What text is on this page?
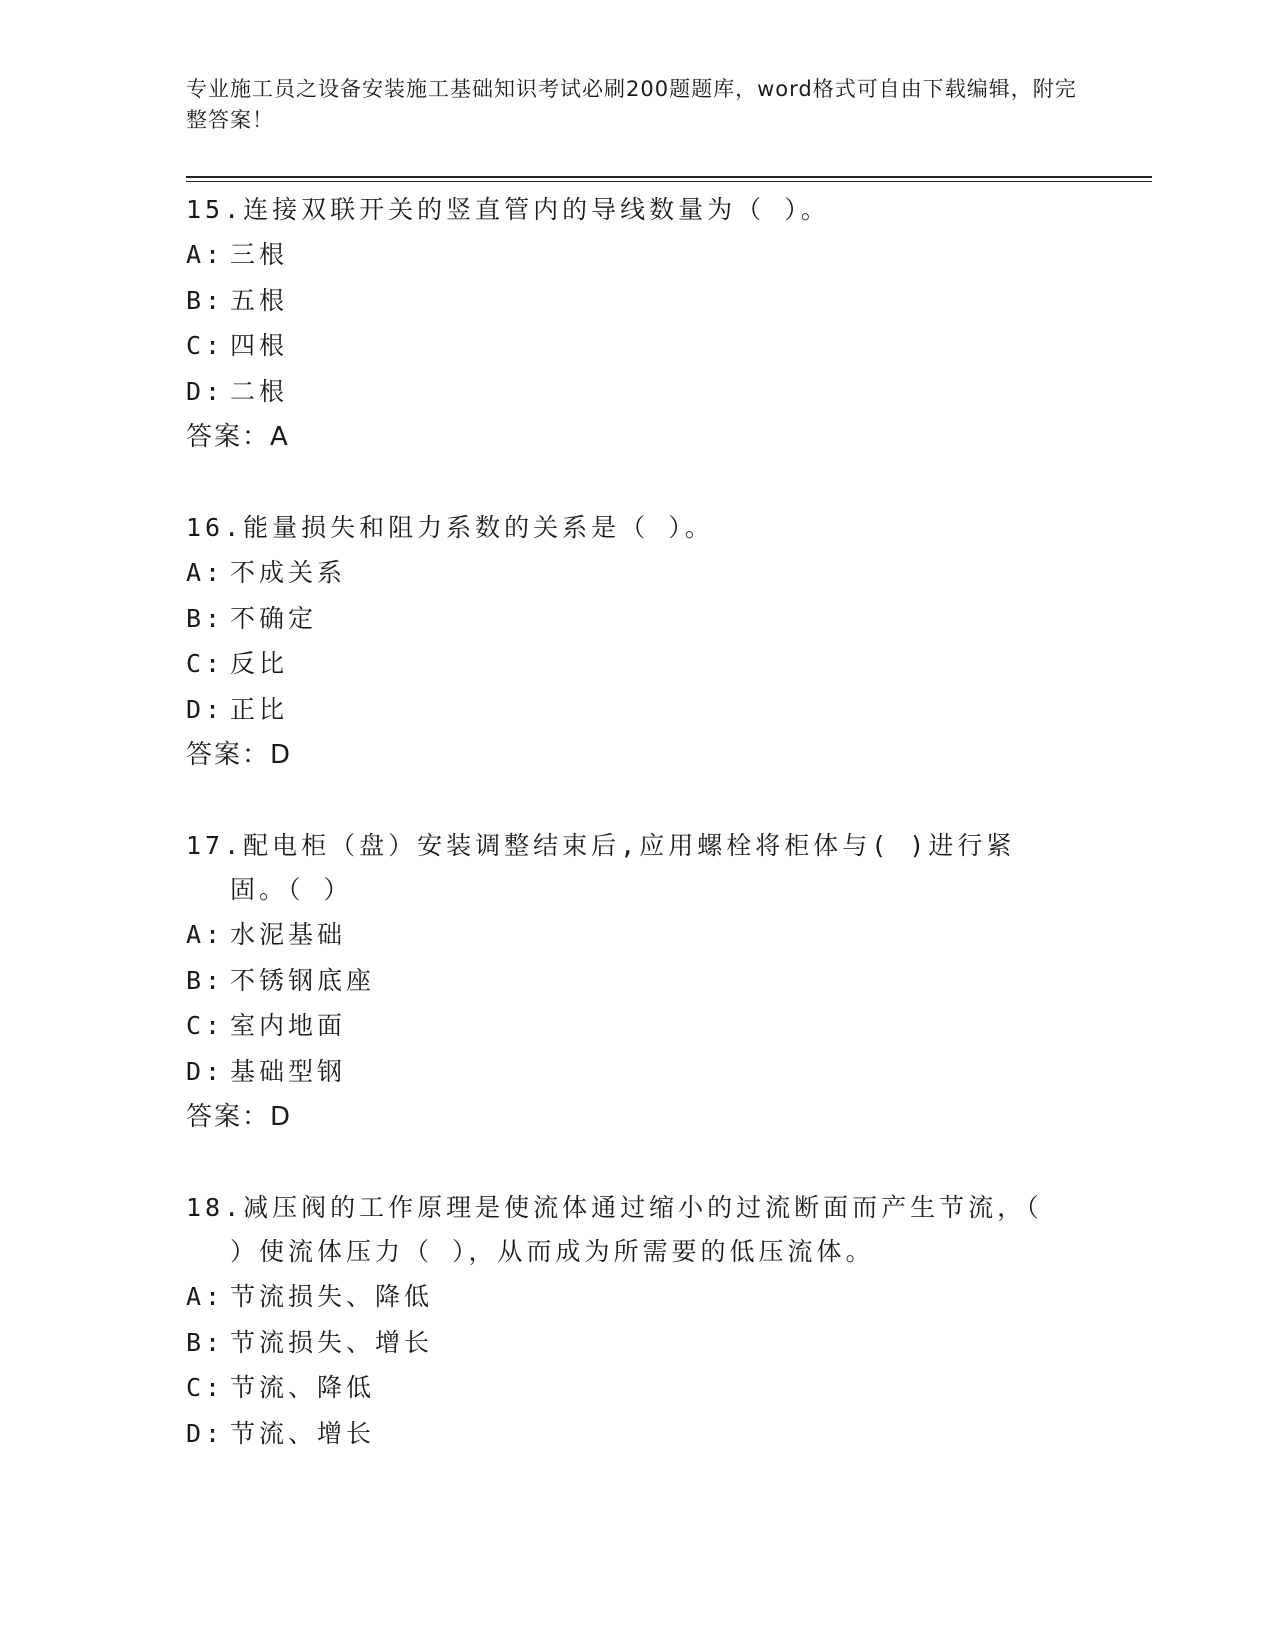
专业施工员之设备安装施工基础知识考试必刷200题题库，word格式可自由下载编辑，附完整答案！

15.连接双联开关的竖直管内的导线数量为（ ）。

A: 三根
B: 五根
C: 四根
D: 二根
答案：A

16.能量损失和阻力系数的关系是（ ）。

A: 不成关系
B: 不确定
C: 反比
D: 正比
答案：D

17.配电柜（盘）安装调整结束后,应用螺栓将柜体与( )进行紧固。（ ）

A: 水泥基础
B: 不锈钢底座
C: 室内地面
D: 基础型钢
答案：D

18.减压阀的工作原理是使流体通过缩小的过流断面而产生节流，（ ）使流体压力（ ），从而成为所需要的低压流体。

A: 节流损失、降低
B: 节流损失、增长
C: 节流、降低
D: 节流、增长
